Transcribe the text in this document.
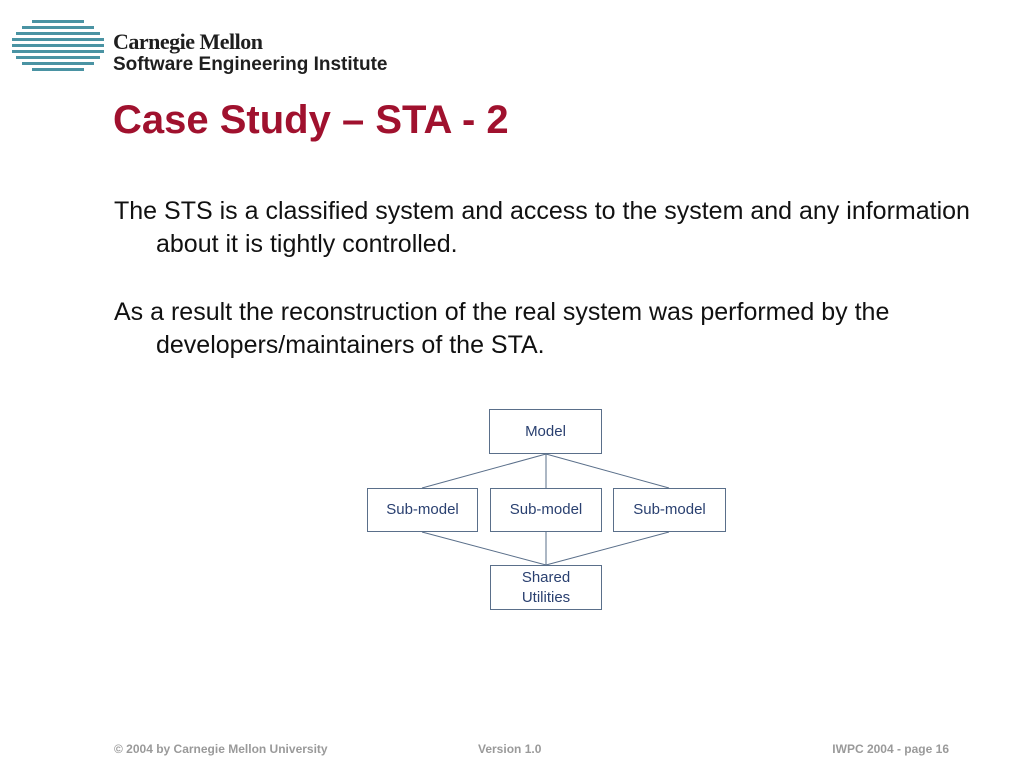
Carnegie Mellon
Software Engineering Institute
Case Study – STA - 2

The STS is a classified system and access to the system and any information about it is tightly controlled.

As a result the reconstruction of the real system was performed by the developers/maintainers of the STA.

Model
Sub-model	Sub-model	Sub-model
Shared
Utilities
© 2004 by Carnegie Mellon University	Version 1.0	IWPC 2004 - page 16
